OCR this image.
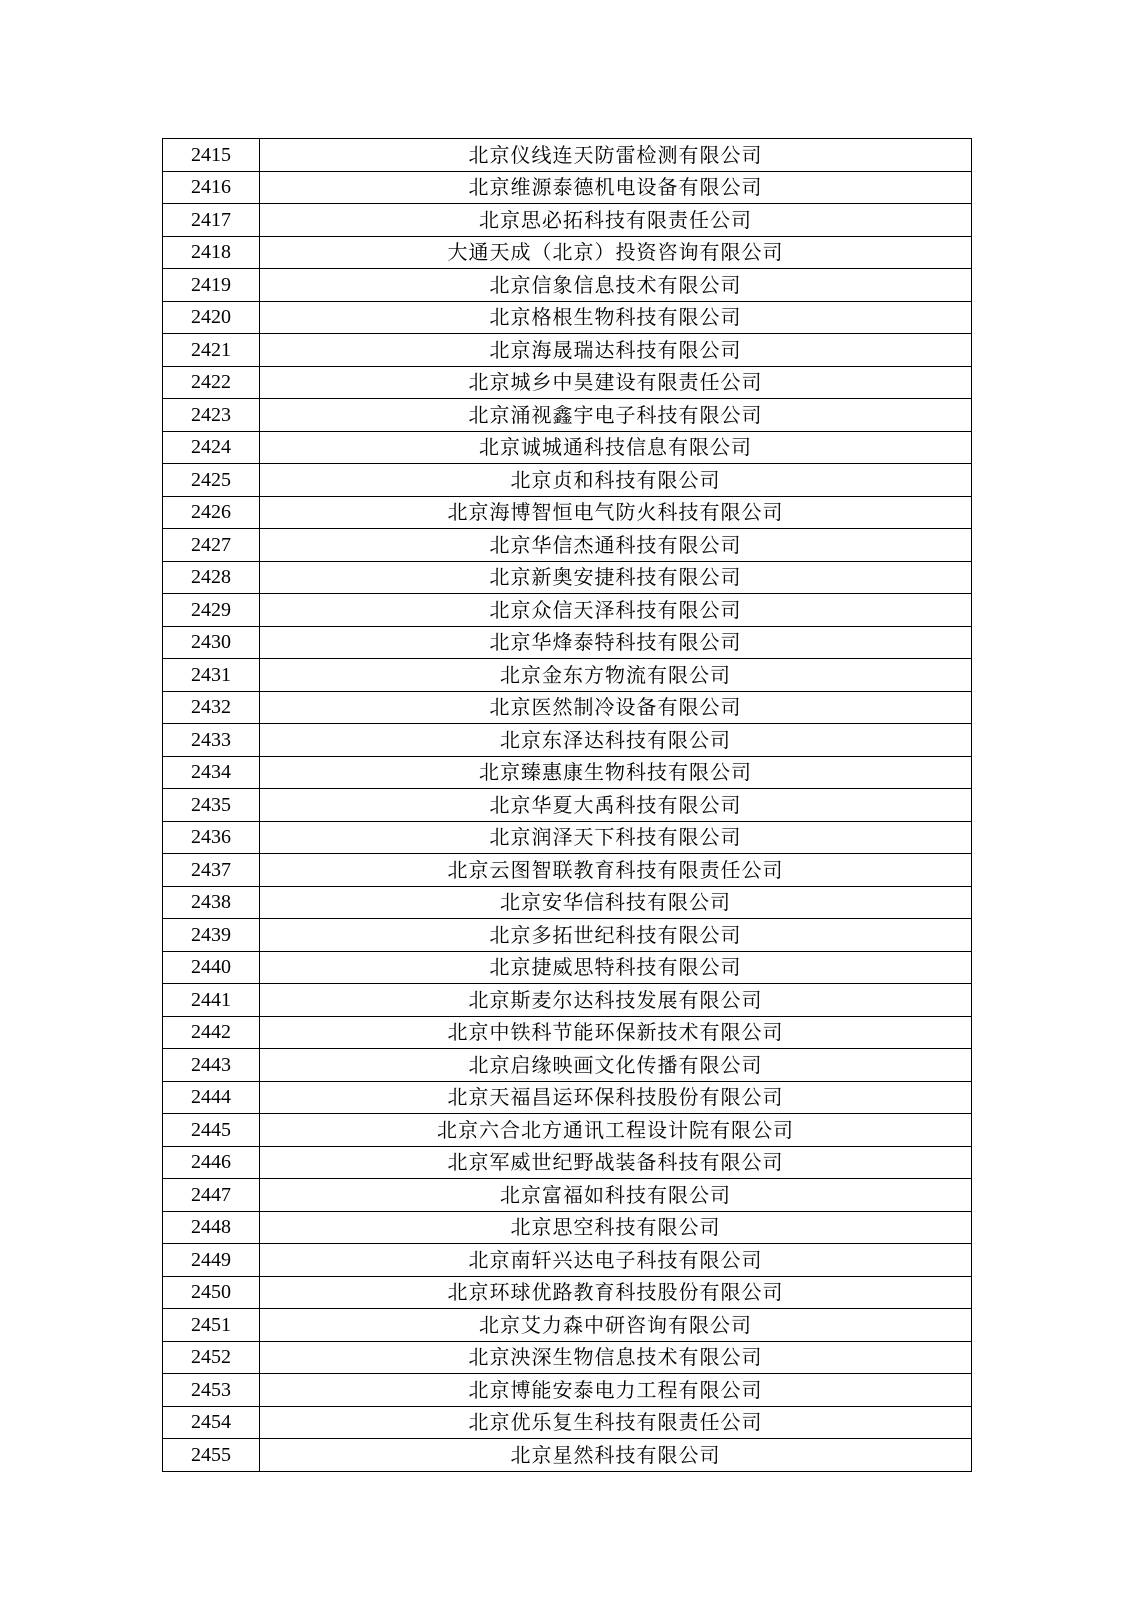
2415	北京仪线连天防雷检测有限公司
2416	北京维源泰德机电设备有限公司
2417	北京思必拓科技有限责任公司
2418	大通天成（北京）投资咨询有限公司
2419	北京信象信息技术有限公司
2420	北京格根生物科技有限公司
2421	北京海晟瑞达科技有限公司
2422	北京城乡中昊建设有限责任公司
2423	北京涌视鑫宇电子科技有限公司
2424	北京诚城通科技信息有限公司
2425	北京贞和科技有限公司
2426	北京海博智恒电气防火科技有限公司
2427	北京华信杰通科技有限公司
2428	北京新奥安捷科技有限公司
2429	北京众信天泽科技有限公司
2430	北京华烽泰特科技有限公司
2431	北京金东方物流有限公司
2432	北京医然制冷设备有限公司
2433	北京东泽达科技有限公司
2434	北京臻惠康生物科技有限公司
2435	北京华夏大禹科技有限公司
2436	北京润泽天下科技有限公司
2437	北京云图智联教育科技有限责任公司
2438	北京安华信科技有限公司
2439	北京多拓世纪科技有限公司
2440	北京捷威思特科技有限公司
2441	北京斯麦尔达科技发展有限公司
2442	北京中铁科节能环保新技术有限公司
2443	北京启缘映画文化传播有限公司
2444	北京天福昌运环保科技股份有限公司
2445	北京六合北方通讯工程设计院有限公司
2446	北京军威世纪野战装备科技有限公司
2447	北京富福如科技有限公司
2448	北京思空科技有限公司
2449	北京南轩兴达电子科技有限公司
2450	北京环球优路教育科技股份有限公司
2451	北京艾力森中研咨询有限公司
2452	北京泱深生物信息技术有限公司
2453	北京博能安泰电力工程有限公司
2454	北京优乐复生科技有限责任公司
2455	北京星然科技有限公司
